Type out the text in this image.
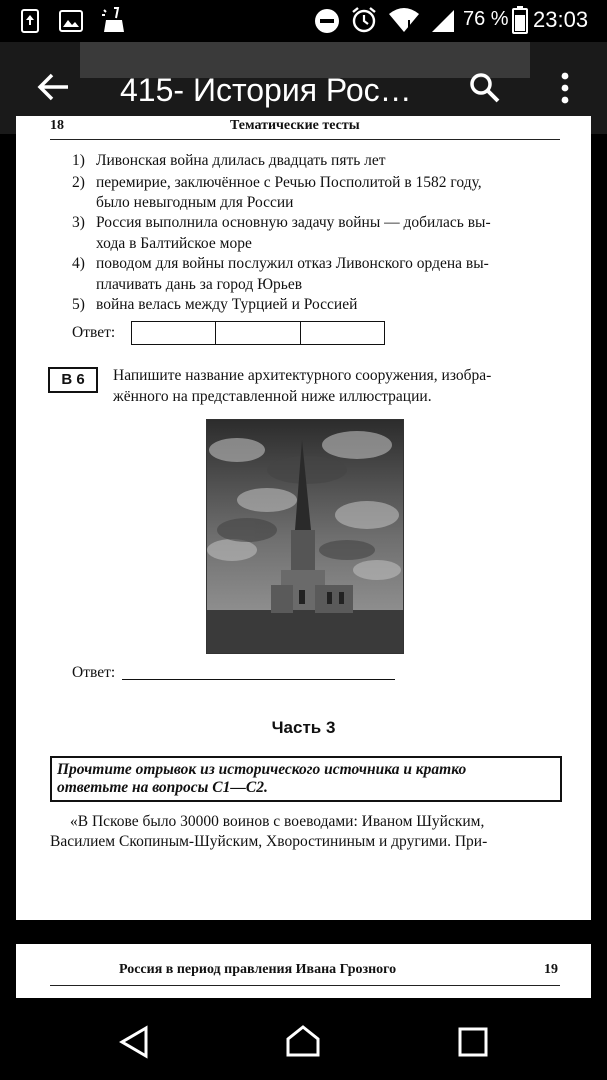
76 % 23:03
415- История Рос…
18	Тематические тесты
1) Ливонская война длилась двадцать пять лет
2) перемирие, заключённое с Речью Посполитой в 1582 году,
было невыгодным для России
3) Россия выполнила основную задачу войны — добилась вы-
хода в Балтийское море
4) поводом для войны послужил отказ Ливонского ордена вы-
плачивать дань за город Юрьев
5) война велась между Турцией и Россией
Ответ:
В 6	Напишите название архитектурного сооружения, изобра-
жённого на представленной ниже иллюстрации.
Ответ:
Часть 3
Прочтите отрывок из исторического источника и кратко
ответьте на вопросы С1—С2.
«В Пскове было 30000 воинов с воеводами: Иваном Шуйским,
Василием Скопиным-Шуйским, Хворостининым и другими. При-
Россия в период правления Ивана Грозного	19
